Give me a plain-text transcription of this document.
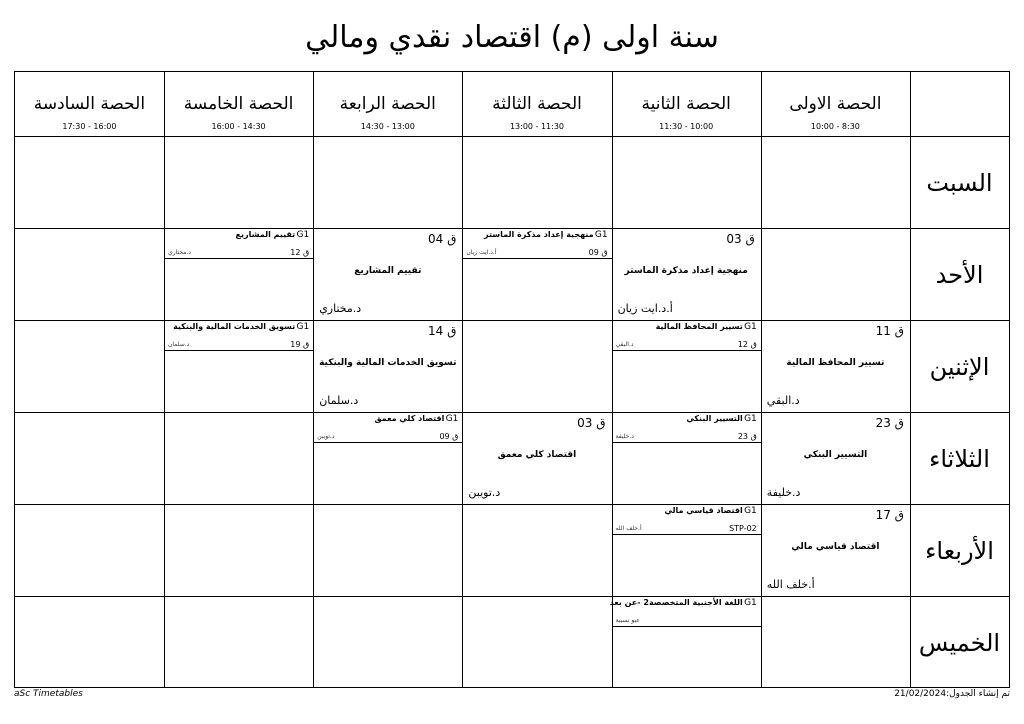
سنة اولى (م) اقتصاد نقدي ومالي
الحصة الاولى
10:00 - 8:30
الحصة الثانية
11:30 - 10:00
الحصة الثالثة
13:00 - 11:30
الحصة الرابعة
14:30 - 13:00
الحصة الخامسة
16:00 - 14:30
الحصة السادسة
17:30 - 16:00
السبت
الأحد
الإثنين
الثلاثاء
الأربعاء
الخميس
ق 03
منهجية إعداد مذكرة الماستر
أ.د.ايت زيان
ق 04
تقييم المشاريع
د.مختاري
ق 11
تسيير المحافظ المالية
د.البقي
ق 14
تسويق الخدمات المالية والبنكية
د.سلمان
ق 23
التسيير البنكي
د.خليفة
ق 03
اقتصاد كلي معمق
د.تويبن
ق 17
اقتصاد قياسي مالي
أ.خلف الله
G1
منهجية إعداد مذكرة الماستر
ق 09
أ.د.ايت زيان
G1
تقييم المشاريع
ق 12
د.مختاري
G1
تسيير المحافظ المالية
ق 12
د.البقي
G1
تسويق الخدمات المالية والبنكية
ق 19
د.سلمان
G1
التسيير البنكي
ق 23
د.خليفة
G1
اقتصاد كلي معمق
ق 09
د.تويبن
G1
اقتصاد قياسي مالي
STP-02
أ.خلف الله
G1
اللغة الأجنبية المتخصصة2 -عن بعد
عبو نسيبة
aSc Timetables	تم إنشاء الجدول:21/02/2024
